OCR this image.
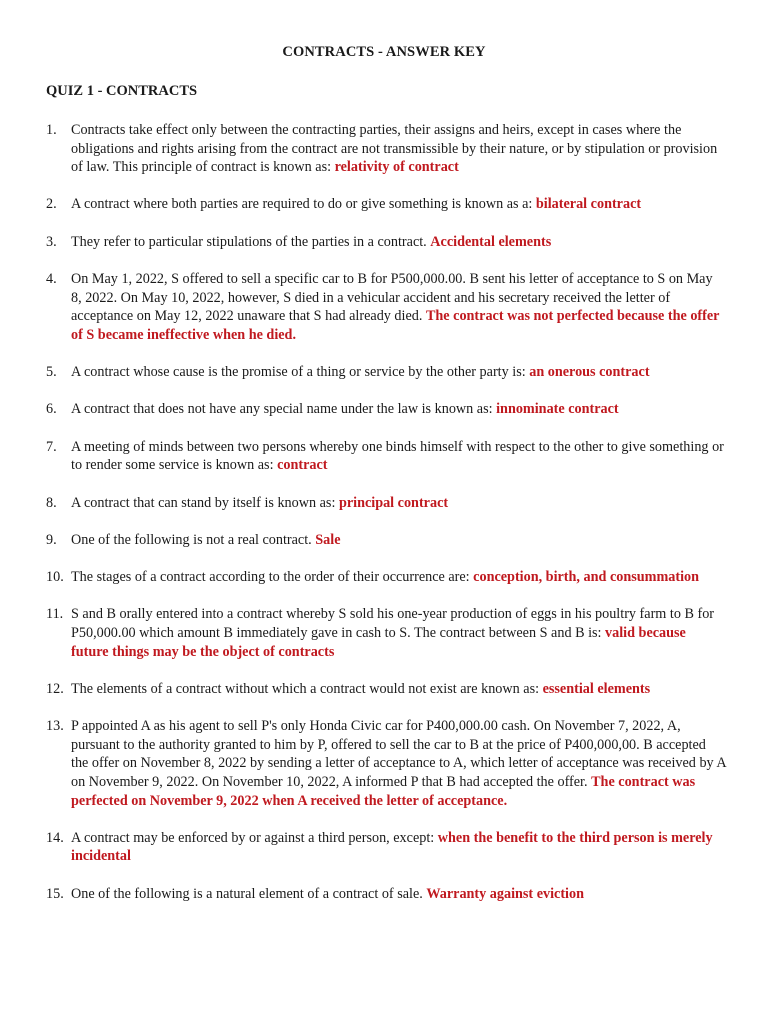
CONTRACTS - ANSWER KEY
QUIZ 1 - CONTRACTS
1. Contracts take effect only between the contracting parties, their assigns and heirs, except in cases where the obligations and rights arising from the contract are not transmissible by their nature, or by stipulation or provision of law. This principle of contract is known as: relativity of contract
2. A contract where both parties are required to do or give something is known as a: bilateral contract
3. They refer to particular stipulations of the parties in a contract. Accidental elements
4. On May 1, 2022, S offered to sell a specific car to B for P500,000.00. B sent his letter of acceptance to S on May 8, 2022. On May 10, 2022, however, S died in a vehicular accident and his secretary received the letter of acceptance on May 12, 2022 unaware that S had already died. The contract was not perfected because the offer of S became ineffective when he died.
5. A contract whose cause is the promise of a thing or service by the other party is: an onerous contract
6. A contract that does not have any special name under the law is known as: innominate contract
7. A meeting of minds between two persons whereby one binds himself with respect to the other to give something or to render some service is known as: contract
8. A contract that can stand by itself is known as: principal contract
9. One of the following is not a real contract. Sale
10. The stages of a contract according to the order of their occurrence are: conception, birth, and consummation
11. S and B orally entered into a contract whereby S sold his one-year production of eggs in his poultry farm to B for P50,000.00 which amount B immediately gave in cash to S. The contract between S and B is: valid because future things may be the object of contracts
12. The elements of a contract without which a contract would not exist are known as: essential elements
13. P appointed A as his agent to sell P's only Honda Civic car for P400,000.00 cash. On November 7, 2022, A, pursuant to the authority granted to him by P, offered to sell the car to B at the price of P400,000,00. B accepted the offer on November 8, 2022 by sending a letter of acceptance to A, which letter of acceptance was received by A on November 9, 2022. On November 10, 2022, A informed P that B had accepted the offer. The contract was perfected on November 9, 2022 when A received the letter of acceptance.
14. A contract may be enforced by or against a third person, except: when the benefit to the third person is merely incidental
15. One of the following is a natural element of a contract of sale. Warranty against eviction
